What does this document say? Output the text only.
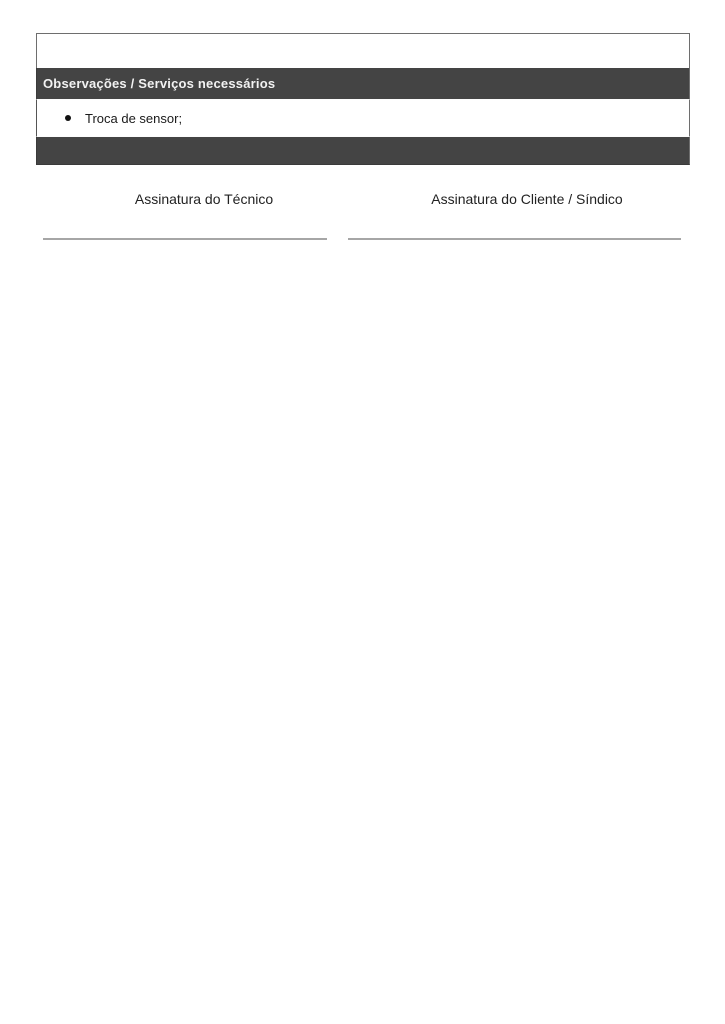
Observações / Serviços necessários
Troca de sensor;
Assinatura do Técnico	Assinatura do Cliente / Síndico
